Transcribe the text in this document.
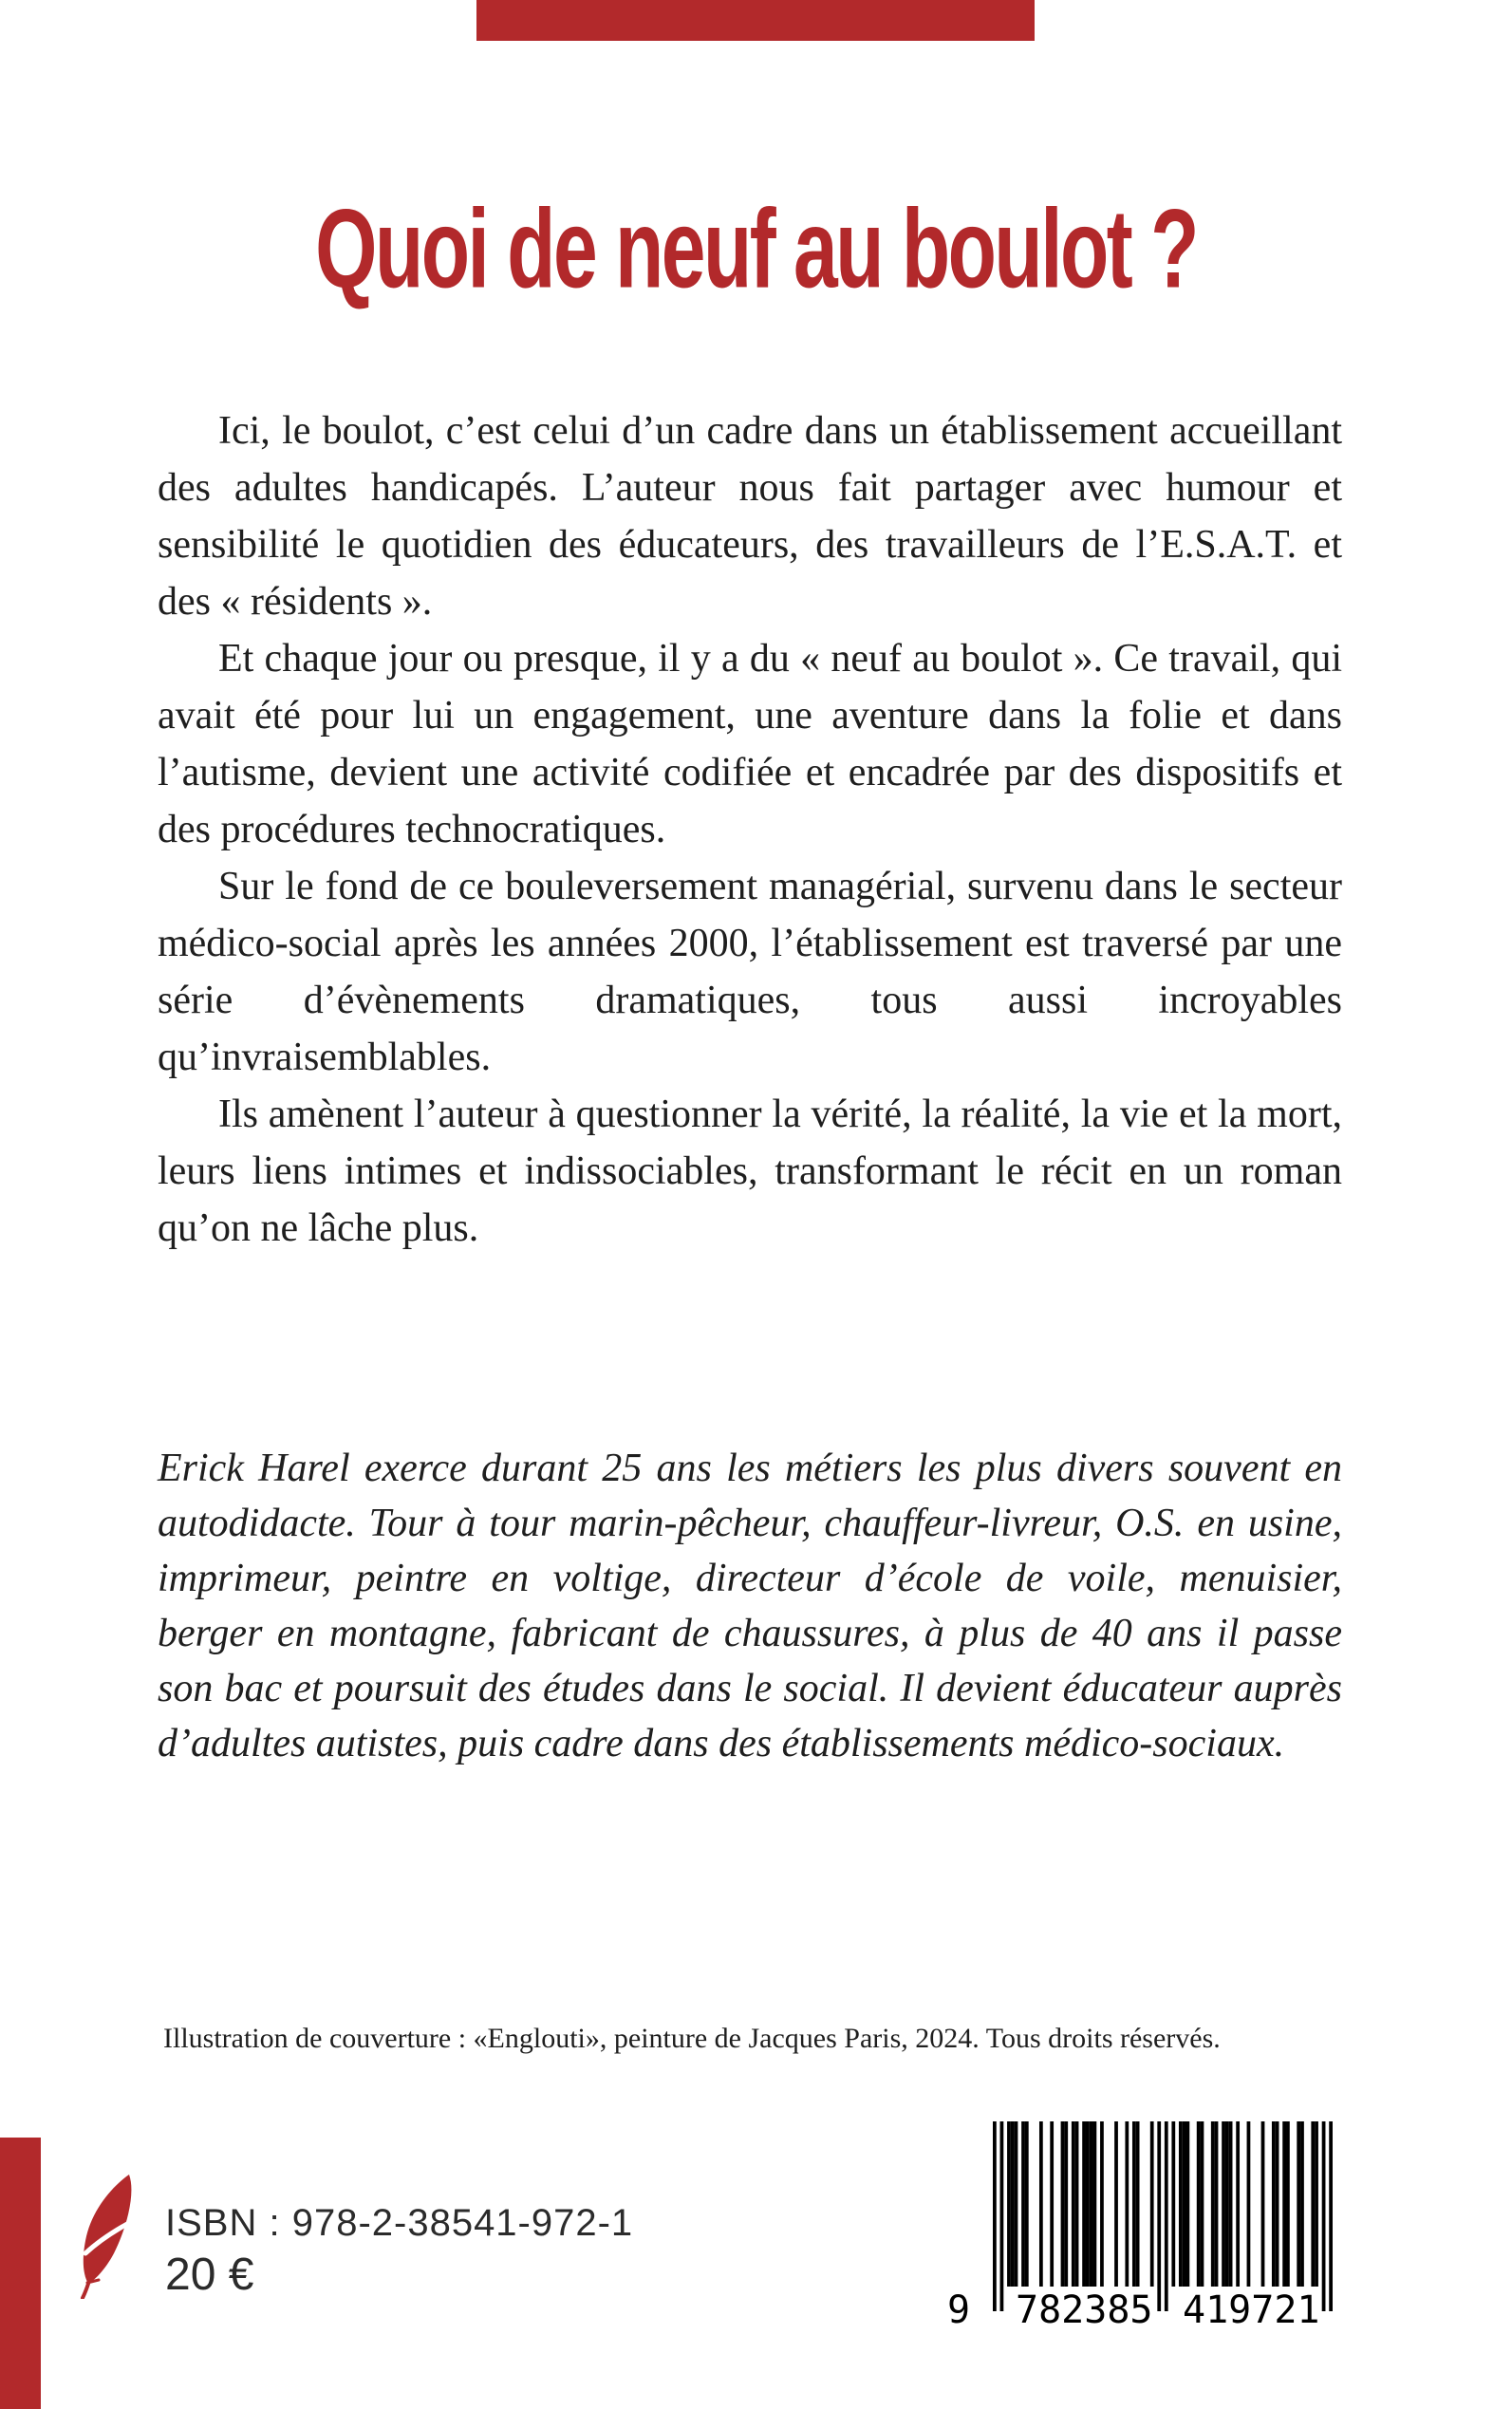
Quoi de neuf au boulot ?

Ici, le boulot, c’est celui d’un cadre dans un établissement accueillant des adultes handicapés. L’auteur nous fait partager avec humour et sensibilité le quotidien des éducateurs, des travailleurs de l’E.S.A.T. et des « résidents ».

Et chaque jour ou presque, il y a du « neuf au boulot ». Ce travail, qui avait été pour lui un engagement, une aventure dans la folie et dans l’autisme, devient une activité codifiée et encadrée par des dispositifs et des procédures technocratiques.

Sur le fond de ce bouleversement managérial, survenu dans le secteur médico-social après les années 2000, l’établissement est traversé par une série d’évènements dramatiques, tous aussi incroyables qu’invraisemblables.

Ils amènent l’auteur à questionner la vérité, la réalité, la vie et la mort, leurs liens intimes et indissociables, transformant le récit en un roman qu’on ne lâche plus.

Erick Harel exerce durant 25 ans les métiers les plus divers souvent en autodidacte. Tour à tour marin-pêcheur, chauffeur-livreur, O.S. en usine, imprimeur, peintre en voltige, directeur d’école de voile, menuisier, berger en montagne, fabricant de chaussures, à plus de 40 ans il passe son bac et poursuit des études dans le social. Il devient éducateur auprès d’adultes autistes, puis cadre dans des établissements médico-sociaux.

Illustration de couverture : «Englouti», peinture de Jacques Paris, 2024. Tous droits réservés.
ISBN : 978-2-38541-972-1
20 €
9 782385 419721
